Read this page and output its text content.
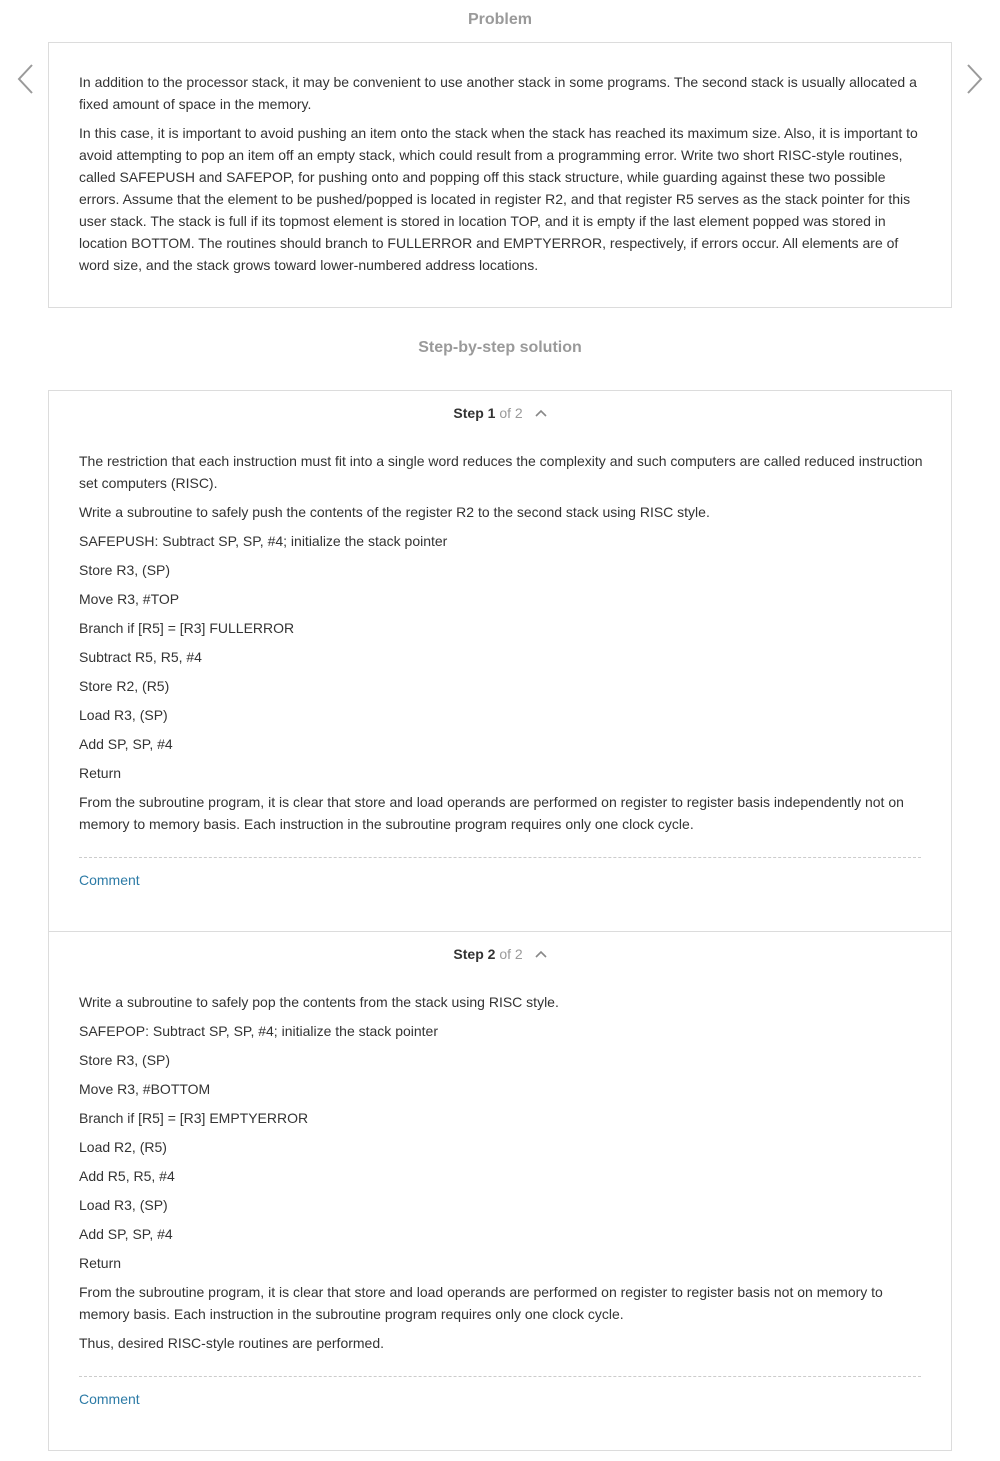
Problem

In addition to the processor stack, it may be convenient to use another stack in some programs. The second stack is usually allocated a fixed amount of space in the memory.

In this case, it is important to avoid pushing an item onto the stack when the stack has reached its maximum size. Also, it is important to avoid attempting to pop an item off an empty stack, which could result from a programming error. Write two short RISC-style routines, called SAFEPUSH and SAFEPOP, for pushing onto and popping off this stack structure, while guarding against these two possible errors. Assume that the element to be pushed/popped is located in register R2, and that register R5 serves as the stack pointer for this user stack. The stack is full if its topmost element is stored in location TOP, and it is empty if the last element popped was stored in location BOTTOM. The routines should branch to FULLERROR and EMPTYERROR, respectively, if errors occur. All elements are of word size, and the stack grows toward lower-numbered address locations.

Step-by-step solution
Step 1 of 2

The restriction that each instruction must fit into a single word reduces the complexity and such computers are called reduced instruction set computers (RISC).

Write a subroutine to safely push the contents of the register R2 to the second stack using RISC style.

SAFEPUSH: Subtract SP, SP, #4; initialize the stack pointer

Store R3, (SP)

Move R3, #TOP

Branch if [R5] = [R3] FULLERROR

Subtract R5, R5, #4

Store R2, (R5)

Load R3, (SP)

Add SP, SP, #4

Return

From the subroutine program, it is clear that store and load operands are performed on register to register basis independently not on memory to memory basis. Each instruction in the subroutine program requires only one clock cycle.

Comment
Step 2 of 2

Write a subroutine to safely pop the contents from the stack using RISC style.

SAFEPOP: Subtract SP, SP, #4; initialize the stack pointer

Store R3, (SP)

Move R3, #BOTTOM

Branch if [R5] = [R3] EMPTYERROR

Load R2, (R5)

Add R5, R5, #4

Load R3, (SP)

Add SP, SP, #4

Return

From the subroutine program, it is clear that store and load operands are performed on register to register basis not on memory to memory basis. Each instruction in the subroutine program requires only one clock cycle.

Thus, desired RISC-style routines are performed.

Comment
